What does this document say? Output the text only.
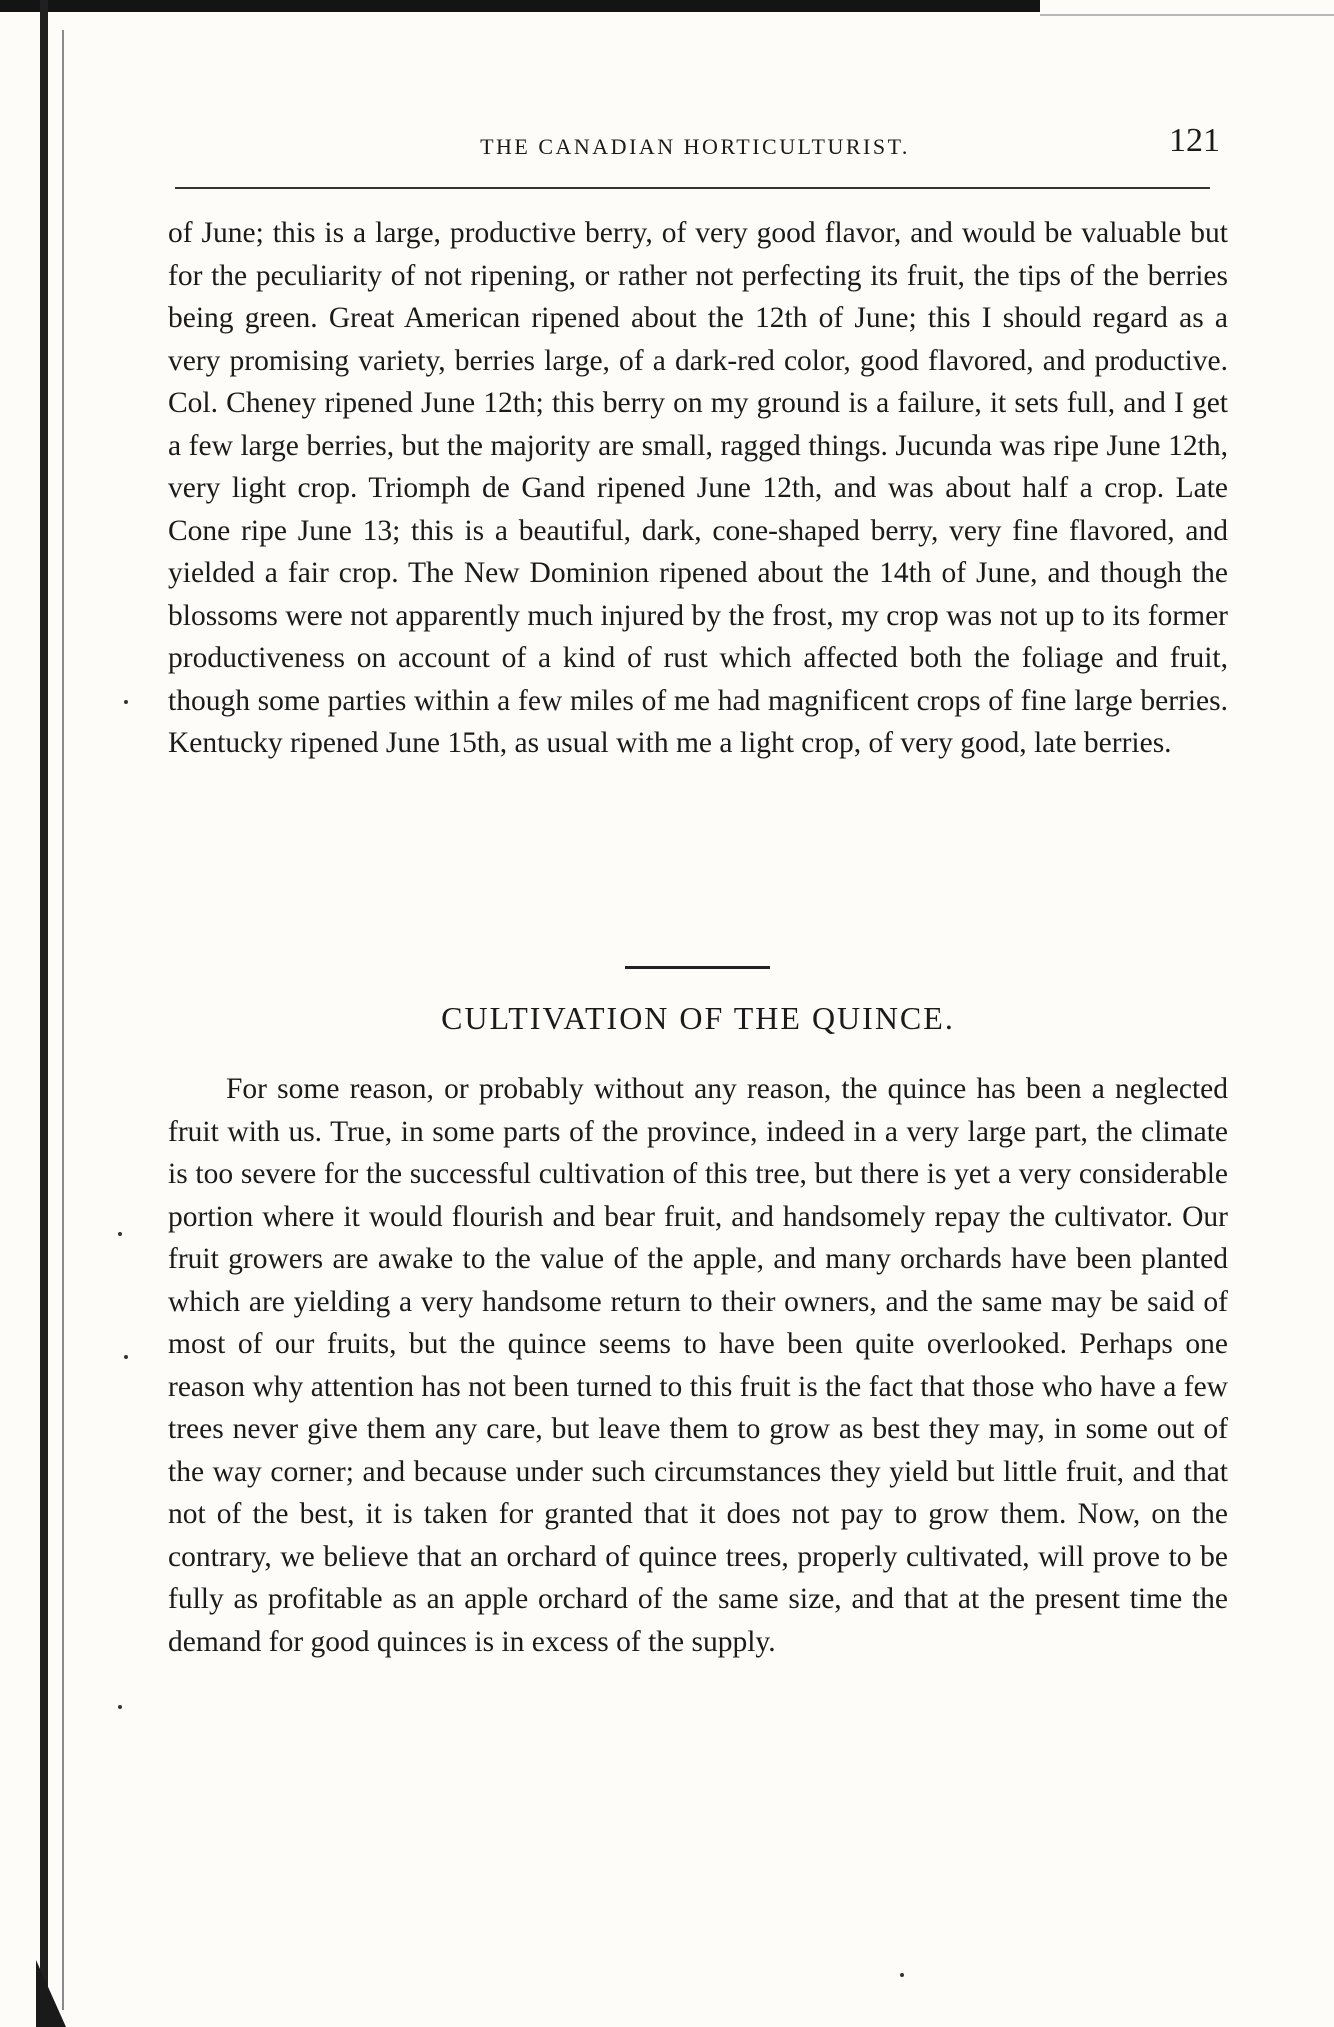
THE CANADIAN HORTICULTURIST.	121

of June; this is a large, productive berry, of very good flavor, and would be valuable but for the peculiarity of not ripening, or rather not perfecting its fruit, the tips of the berries being green. Great American ripened about the 12th of June; this I should regard as a very promising variety, berries large, of a dark-red color, good flavored, and productive. Col. Cheney ripened June 12th; this berry on my ground is a failure, it sets full, and I get a few large berries, but the majority are small, ragged things. Jucunda was ripe June 12th, very light crop. Triomph de Gand ripened June 12th, and was about half a crop. Late Cone ripe June 13; this is a beautiful, dark, cone-shaped berry, very fine flavored, and yielded a fair crop. The New Dominion ripened about the 14th of June, and though the blossoms were not apparently much injured by the frost, my crop was not up to its former productiveness on account of a kind of rust which affected both the foliage and fruit, though some parties within a few miles of me had magnificent crops of fine large berries. Kentucky ripened June 15th, as usual with me a light crop, of very good, late berries.

CULTIVATION OF THE QUINCE.

For some reason, or probably without any reason, the quince has been a neglected fruit with us. True, in some parts of the province, indeed in a very large part, the climate is too severe for the successful cultivation of this tree, but there is yet a very considerable portion where it would flourish and bear fruit, and handsomely repay the cultivator. Our fruit growers are awake to the value of the apple, and many orchards have been planted which are yielding a very handsome return to their owners, and the same may be said of most of our fruits, but the quince seems to have been quite overlooked. Perhaps one reason why attention has not been turned to this fruit is the fact that those who have a few trees never give them any care, but leave them to grow as best they may, in some out of the way corner; and because under such circumstances they yield but little fruit, and that not of the best, it is taken for granted that it does not pay to grow them. Now, on the contrary, we believe that an orchard of quince trees, properly cultivated, will prove to be fully as profitable as an apple orchard of the same size, and that at the present time the demand for good quinces is in excess of the supply.
